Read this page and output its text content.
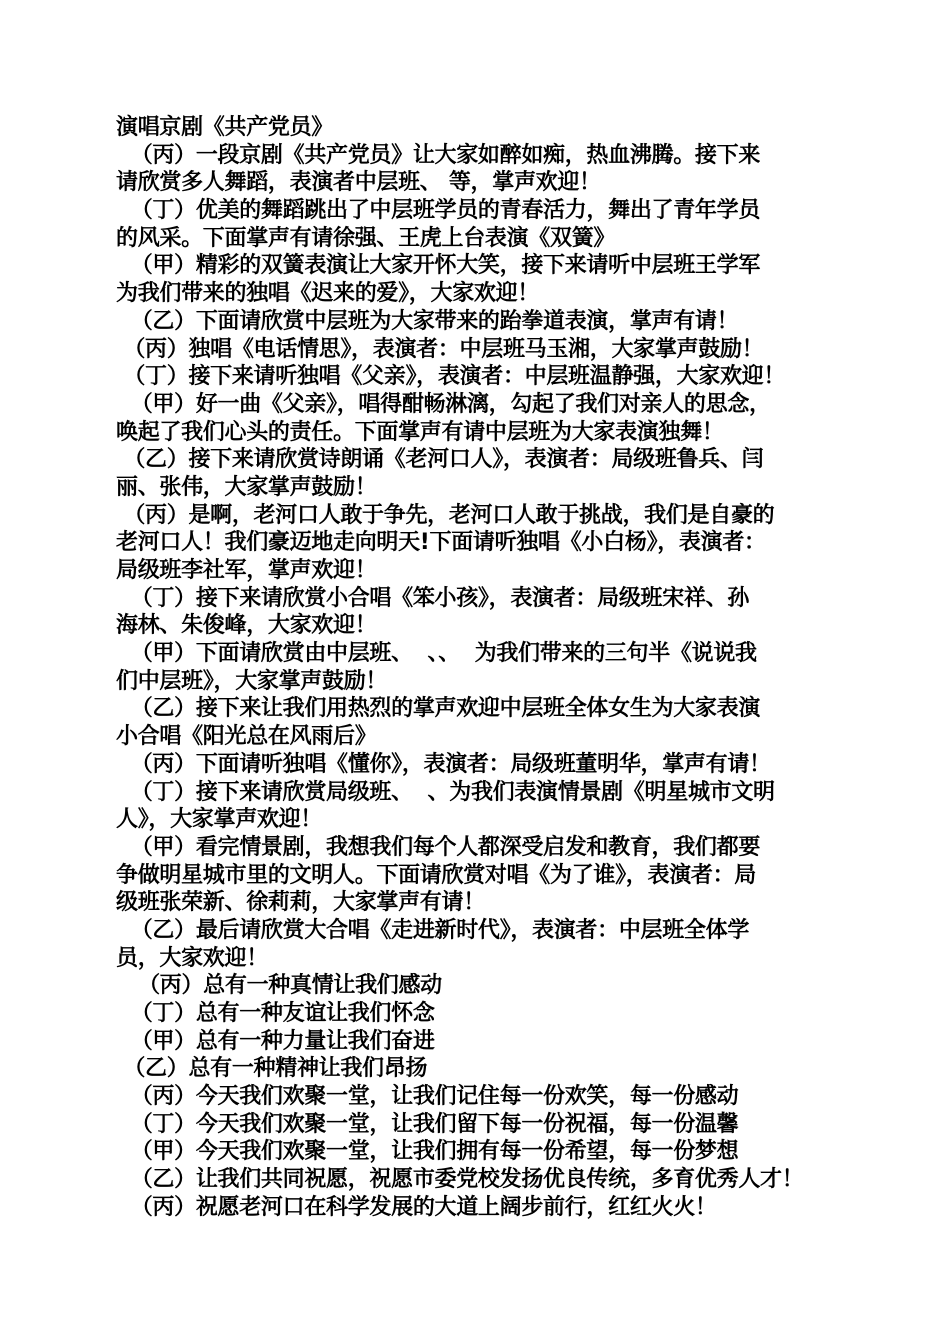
演唱京剧《共产党员》
（丙）一段京剧《共产党员》让大家如醉如痴，热血沸腾。接下来
请欣赏多人舞蹈，表演者中层班、 等，掌声欢迎！
（丁）优美的舞蹈跳出了中层班学员的青春活力，舞出了青年学员
的风采。下面掌声有请徐强、王虎上台表演《双簧》
（甲）精彩的双簧表演让大家开怀大笑，接下来请听中层班王学军
为我们带来的独唱《迟来的爱》，大家欢迎！
（乙）下面请欣赏中层班为大家带来的跆拳道表演，掌声有请！
（丙）独唱《电话情思》，表演者：中层班马玉湘，大家掌声鼓励！
（丁）接下来请听独唱《父亲》，表演者：中层班温静强，大家欢迎！
（甲）好一曲《父亲》，唱得酣畅淋漓，勾起了我们对亲人的思念，
唤起了我们心头的责任。下面掌声有请中层班为大家表演独舞！
（乙）接下来请欣赏诗朗诵《老河口人》，表演者：局级班鲁兵、闫
丽、张伟，大家掌声鼓励！
（丙）是啊，老河口人敢于争先，老河口人敢于挑战，我们是自豪的
老河口人！我们豪迈地走向明天!下面请听独唱《小白杨》，表演者：
局级班李社军，掌声欢迎！
（丁）接下来请欣赏小合唱《笨小孩》，表演者：局级班宋祥、孙
海林、朱俊峰，大家欢迎！
（甲）下面请欣赏由中层班、  、、  为我们带来的三句半《说说我
们中层班》，大家掌声鼓励！
（乙）接下来让我们用热烈的掌声欢迎中层班全体女生为大家表演
小合唱《阳光总在风雨后》
（丙）下面请听独唱《懂你》，表演者：局级班董明华，掌声有请！
（丁）接下来请欣赏局级班、  、为我们表演情景剧《明星城市文明
人》，大家掌声欢迎！
（甲）看完情景剧，我想我们每个人都深受启发和教育，我们都要
争做明星城市里的文明人。下面请欣赏对唱《为了谁》，表演者：局
级班张荣新、徐莉莉，大家掌声有请！
（乙）最后请欣赏大合唱《走进新时代》，表演者：中层班全体学
员，大家欢迎！
（丙）总有一种真情让我们感动
（丁）总有一种友谊让我们怀念
（甲）总有一种力量让我们奋进
（乙）总有一种精神让我们昂扬
（丙）今天我们欢聚一堂，让我们记住每一份欢笑，每一份感动
（丁）今天我们欢聚一堂，让我们留下每一份祝福，每一份温馨
（甲）今天我们欢聚一堂，让我们拥有每一份希望，每一份梦想
（乙）让我们共同祝愿，祝愿市委党校发扬优良传统，多育优秀人才！
（丙）祝愿老河口在科学发展的大道上阔步前行，红红火火！
